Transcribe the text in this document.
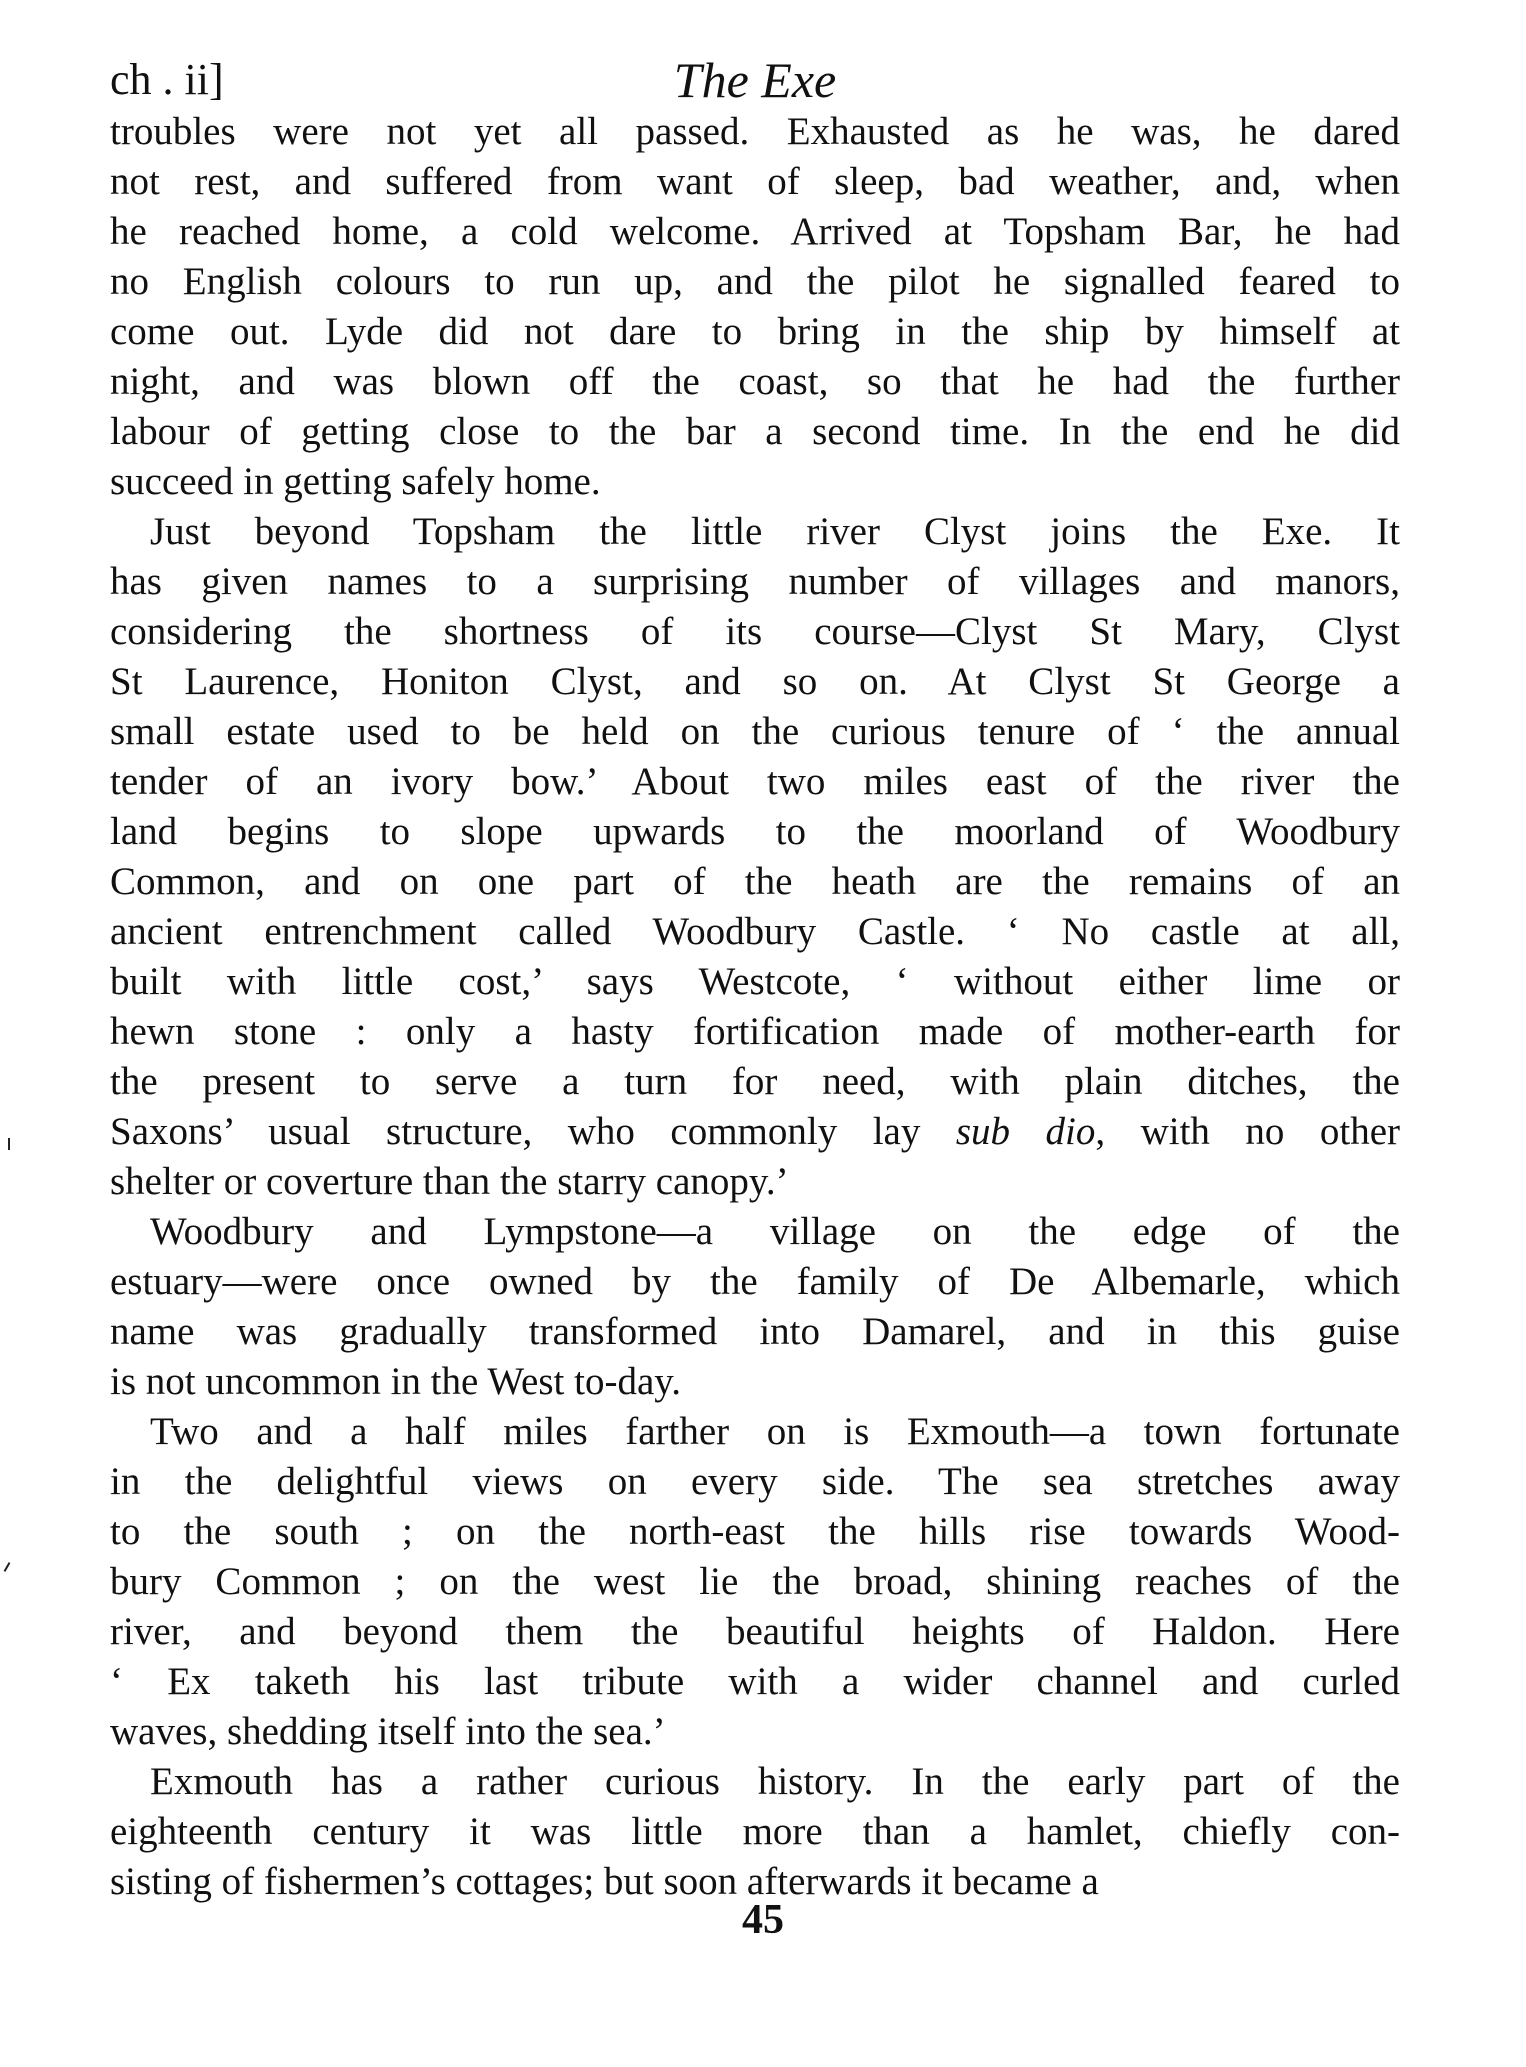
ch . ii]	The Exe
troubles were not yet all passed. Exhausted as he was, he dared
not rest, and suffered from want of sleep, bad weather, and, when
he reached home, a cold welcome. Arrived at Topsham Bar, he had
no English colours to run up, and the pilot he signalled feared to
come out. Lyde did not dare to bring in the ship by himself at
night, and was blown off the coast, so that he had the further
labour of getting close to the bar a second time. In the end he did
succeed in getting safely home.
Just beyond Topsham the little river Clyst joins the Exe. It
has given names to a surprising number of villages and manors,
considering the shortness of its course—Clyst St Mary, Clyst
St Laurence, Honiton Clyst, and so on. At Clyst St George a
small estate used to be held on the curious tenure of ‘ the annual
tender of an ivory bow.’ About two miles east of the river the
land begins to slope upwards to the moorland of Woodbury
Common, and on one part of the heath are the remains of an
ancient entrenchment called Woodbury Castle. ‘ No castle at all,
built with little cost,’ says Westcote, ‘ without either lime or
hewn stone : only a hasty fortification made of mother-earth for
the present to serve a turn for need, with plain ditches, the
Saxons’ usual structure, who commonly lay sub dio, with no other
shelter or coverture than the starry canopy.’
Woodbury and Lympstone—a village on the edge of the
estuary—were once owned by the family of De Albemarle, which
name was gradually transformed into Damarel, and in this guise
is not uncommon in the West to-day.
Two and a half miles farther on is Exmouth—a town fortunate
in the delightful views on every side. The sea stretches away
to the south ; on the north-east the hills rise towards Wood-
bury Common ; on the west lie the broad, shining reaches of the
river, and beyond them the beautiful heights of Haldon. Here
‘ Ex taketh his last tribute with a wider channel and curled
waves, shedding itself into the sea.’
Exmouth has a rather curious history. In the early part of the
eighteenth century it was little more than a hamlet, chiefly con-
sisting of fishermen’s cottages; but soon afterwards it became a
45
